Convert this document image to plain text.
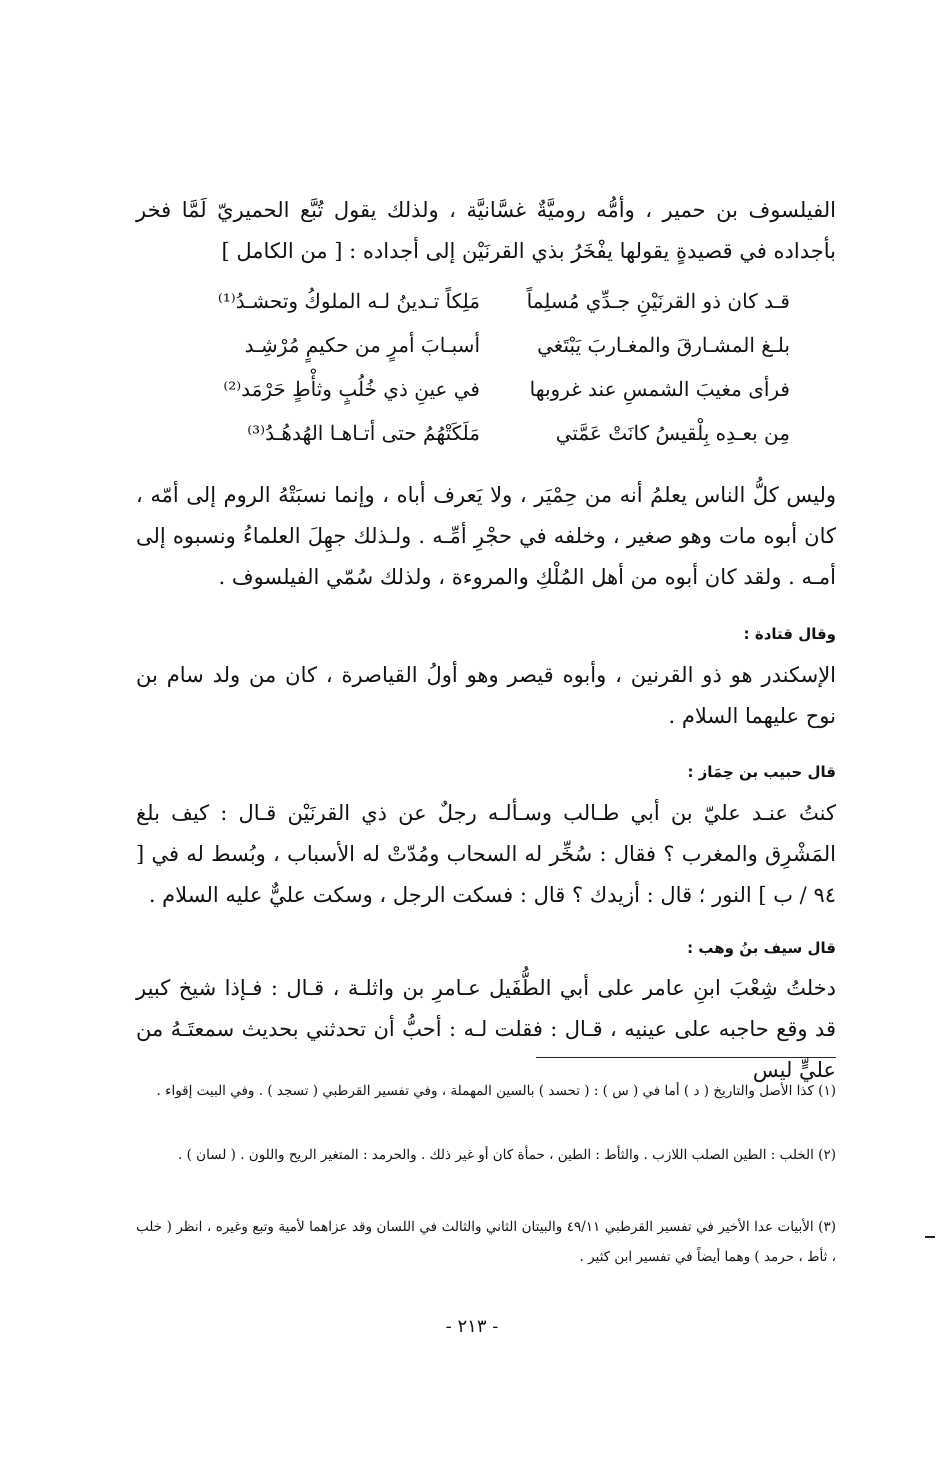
الفيلسوف بن حمير ، وأمُّه روميَّةٌ غسَّانيَّة ، ولذلك يقول تُبَّع الحميريّ لَمَّا فخر بأجداده في قصيدةٍ يقولها يفْخَرُ بذي القرنَيْن إلى أجداده : [ من الكامل ]

قـد كان ذو القرنَيْنِ جـدِّي مُسلِماً
مَلِكاً تـدينُ لـه الملوكُ وتحشـدُ⁽¹⁾
بلـغ المشـارقَ والمغـاربَ يَبْتَغي
أسبـابَ أمرٍ من حكيمٍ مُرْشِـد
فرأى مغيبَ الشمسِ عند غروبها
في عينِ ذي خُلُبٍ وثأْطٍ حَرْمَد⁽²⁾
مِن بعـدِه بِلْقيسُ كانَتْ عَمَّتي
مَلَكَتْهُمُ حتى أتـاهـا الهُدهُـدُ⁽³⁾

وليس كلُّ الناس يعلمُ أنه من حِمْيَر ، ولا يَعرف أباه ، وإنما نسبَتْهُ الروم إلى أمّه ، كان أبوه مات وهو صغير ، وخلفه في حجْرِ أمِّـه . ولـذلك جهِلَ العلماءُ ونسبوه إلى أمـه . ولقد كان أبوه من أهل المُلْكِ والمروءة ، ولذلك سُمّي الفيلسوف .

وقال قتادة :

الإسكندر هو ذو القرنين ، وأبوه قيصر وهو أولُ القياصرة ، كان من ولد سام بن نوح عليهما السلام .

قال حبيب بن حِمَاز :

كنتُ عنـد عليّ بن أبي طـالب وسـألـه رجلٌ عن ذي القرنَيْن قـال : كيف بلغ المَشْرِق والمغرب ؟ فقال : سُخِّر له السحاب ومُدّتْ له الأسباب ، وبُسط له في [ ٩٤ / ب ] النور ؛ قال : أزيدك ؟ قال : فسكت الرجل ، وسكت عليٌّ عليه السلام .

قال سيف بنُ وهب :

دخلتُ شِعْبَ ابنِ عامر على أبي الطُّفَيل عـامرِ بن واثلـة ، قـال : فـإذا شيخ كبير قد وقع حاجبه على عينيه ، قـال : فقلت لـه : أحبُّ أن تحدثني بحديث سمعتَـهُ من عليٍّ ليس

(١) كذا الأصل والتاريخ ( د ) أما في ( س ) : ( تحسد ) بالسين المهملة ، وفي تفسير القرطبي ( تسجد ) . وفي البيت إقواء .

(٢) الخلب : الطين الصلب اللازب . والثأط : الطين ، حمأة كان أو غير ذلك . والحرمد : المتغير الريح واللون . ( لسان ) .

(٣) الأبيات عدا الأخير في تفسير القرطبي ٤٩/١١ والبيتان الثاني والثالث في اللسان وقد عزاهما لأمية وتبع وغيره ، انظر ( خلب ، ثأط ، حرمد ) وهما أيضاً في تفسير ابن كثير .

- ٢١٣ -
